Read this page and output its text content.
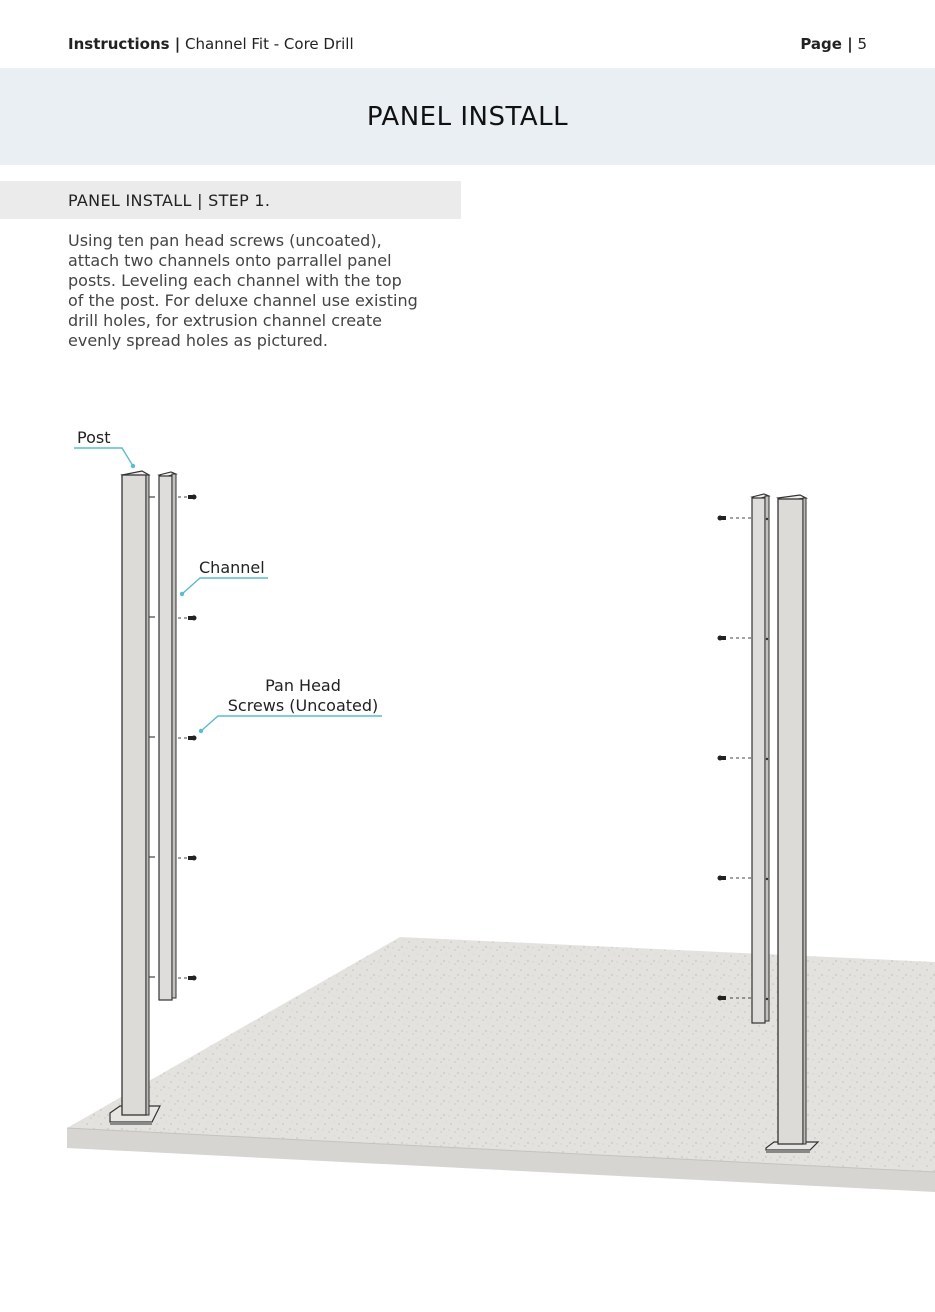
Instructions | Channel Fit - Core Drill	Page | 5
PANEL INSTALL
PANEL INSTALL | STEP 1.
Using ten pan head screws (uncoated),
attach two channels onto parrallel panel
posts. Leveling each channel with the top
of the post. For deluxe channel use existing
drill holes, for extrusion channel create
evenly spread holes as pictured.
Post
Channel
Pan Head
Screws (Uncoated)
